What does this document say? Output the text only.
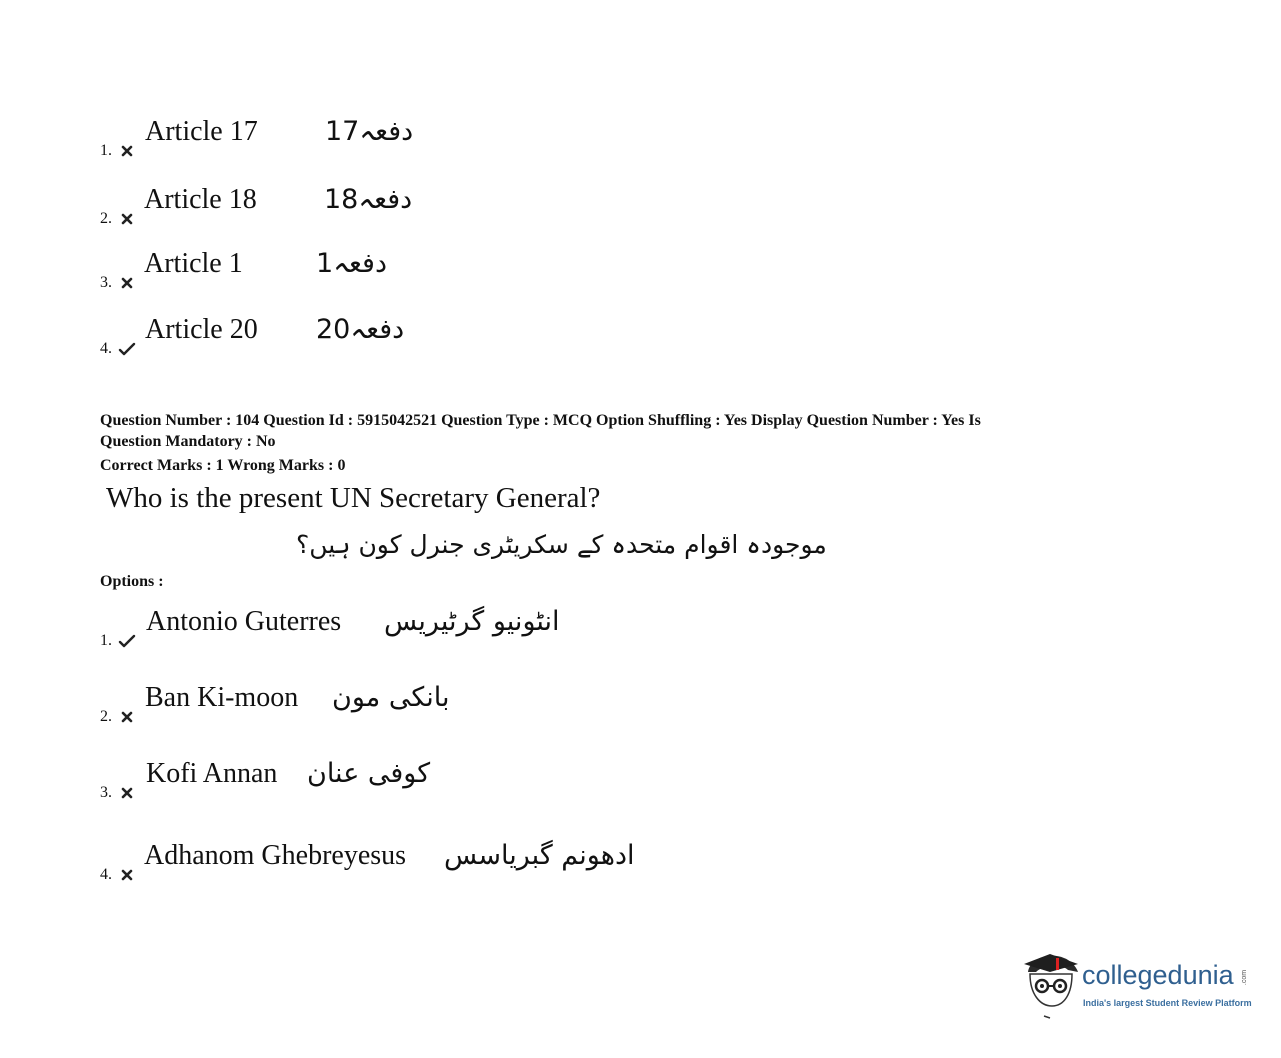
1.
Article 17 دفعہ17
2.
Article 18 دفعہ18
3.
Article 1	دفعہ1
4.
Article 20 دفعہ20
Question Number : 104 Question Id : 5915042521 Question Type : MCQ Option Shuffling : Yes Display Question Number : Yes Is
Question Mandatory : No
Correct Marks : 1 Wrong Marks : 0
Who is the present UN Secretary General?
موجودہ اقوام متحدہ کے سکریٹری جنرل کون ہیں؟
Options :
1.
Antonio Guterres انٹونیو گرٹیریس
2.
Ban Ki-moon بانکی مون
3.
Kofi Annan کوفی عنان
4.
Adhanom Ghebreyesus ادھونم گبریاسس
collegedunia .com
India's largest Student Review Platform
